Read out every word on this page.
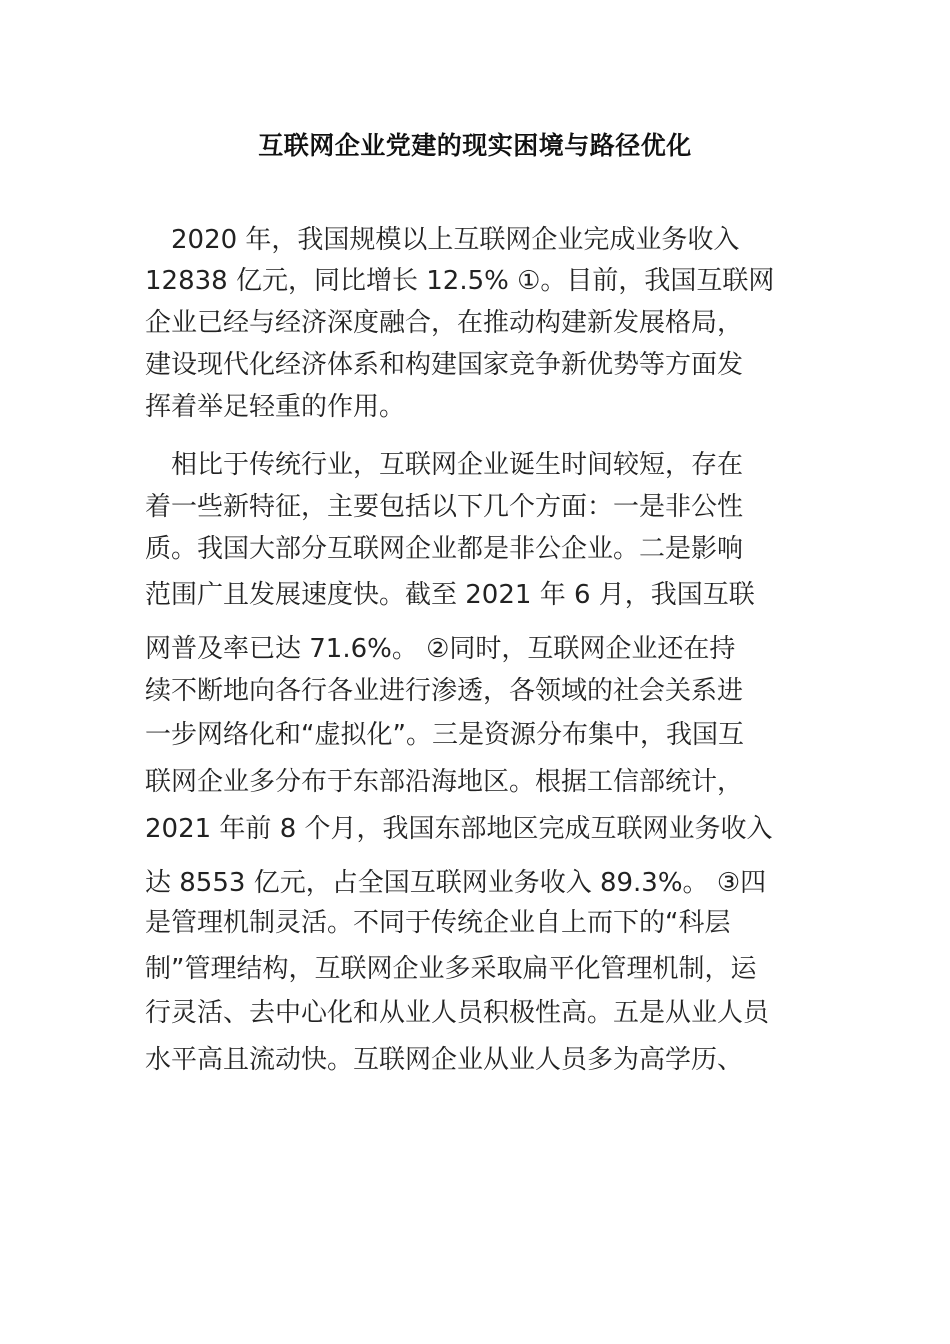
互联网企业党建的现实困境与路径优化
　2020 年，我国规模以上互联网企业完成业务收入
12838 亿元，同比增长 12.5% ①。目前，我国互联网
企业已经与经济深度融合，在推动构建新发展格局，
建设现代化经济体系和构建国家竞争新优势等方面发
挥着举足轻重的作用。
　相比于传统行业，互联网企业诞生时间较短，存在
着一些新特征，主要包括以下几个方面：一是非公性
质。我国大部分互联网企业都是非公企业。二是影响
范围广且发展速度快。截至 2021 年 6 月，我国互联
网普及率已达 71.6%。 ②同时，互联网企业还在持
续不断地向各行各业进行渗透，各领域的社会关系进
一步网络化和“虚拟化”。三是资源分布集中，我国互
联网企业多分布于东部沿海地区。根据工信部统计，
2021 年前 8 个月，我国东部地区完成互联网业务收入
达 8553 亿元，占全国互联网业务收入 89.3%。 ③四
是管理机制灵活。不同于传统企业自上而下的“科层
制”管理结构，互联网企业多采取扁平化管理机制，运
行灵活、去中心化和从业人员积极性高。五是从业人员
水平高且流动快。互联网企业从业人员多为高学历、
